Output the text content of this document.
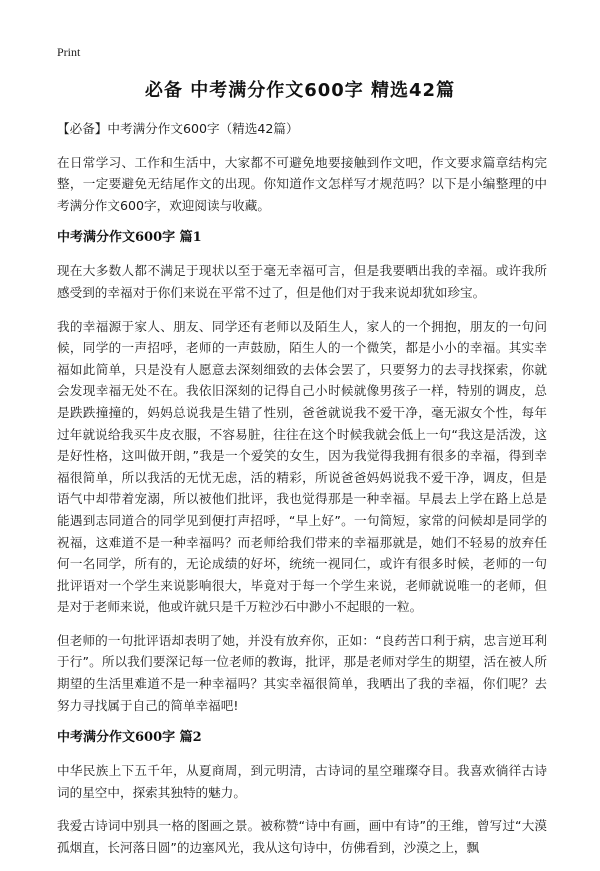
Print
必备 中考满分作文600字 精选42篇

【必备】中考满分作文600字（精选42篇）

在日常学习、工作和生活中，大家都不可避免地要接触到作文吧，作文要求篇章结构完整，一定要避免无结尾作文的出现。你知道作文怎样写才规范吗？以下是小编整理的中考满分作文600字，欢迎阅读与收藏。

中考满分作文600字 篇1

现在大多数人都不满足于现状以至于毫无幸福可言，但是我要晒出我的幸福。或许我所感受到的幸福对于你们来说在平常不过了，但是他们对于我来说却犹如珍宝。

我的幸福源于家人、朋友、同学还有老师以及陌生人，家人的一个拥抱，朋友的一句问候，同学的一声招呼，老师的一声鼓励，陌生人的一个微笑，都是小小的幸福。其实幸福如此简单，只是没有人愿意去深刻细致的去体会罢了，只要努力的去寻找探索，你就会发现幸福无处不在。我依旧深刻的记得自己小时候就像男孩子一样，特别的调皮，总是跌跌撞撞的，妈妈总说我是生错了性别，爸爸就说我不爱干净，毫无淑女个性，每年过年就说给我买牛皮衣服，不容易脏，往往在这个时候我就会低上一句“我这是活泼，这是好性格，这叫做开朗，”我是一个爱笑的女生，因为我觉得我拥有很多的幸福，得到幸福很简单，所以我活的无忧无虑，活的精彩，所说爸爸妈妈说我不爱干净，调皮，但是语气中却带着宠溺，所以被他们批评，我也觉得那是一种幸福。早晨去上学在路上总是能遇到志同道合的同学见到便打声招呼，“早上好”。一句简短，家常的问候却是同学的祝福，这难道不是一种幸福吗？而老师给我们带来的幸福那就是，她们不轻易的放弃任何一名同学，所有的，无论成绩的好坏，统统一视同仁，或许有很多时候，老师的一句批评语对一个学生来说影响很大，毕竟对于每一个学生来说，老师就说唯一的老师，但是对于老师来说，他或许就只是千万粒沙石中渺小不起眼的一粒。

但老师的一句批评语却表明了她，并没有放弃你，正如：“良药苦口利于病，忠言逆耳利于行”。所以我们要深记每一位老师的教诲，批评，那是老师对学生的期望，活在被人所期望的生活里难道不是一种幸福吗？其实幸福很简单，我晒出了我的幸福，你们呢？去努力寻找属于自己的简单幸福吧!

中考满分作文600字 篇2

中华民族上下五千年，从夏商周，到元明清，古诗词的星空璀璨夺目。我喜欢徜徉古诗词的星空中，探索其独特的魅力。

我爱古诗词中别具一格的图画之景。被称赞“诗中有画，画中有诗”的王维，曾写过“大漠孤烟直，长河落日圆”的边塞风光，我从这句诗中，仿佛看到，沙漠之上，飘
